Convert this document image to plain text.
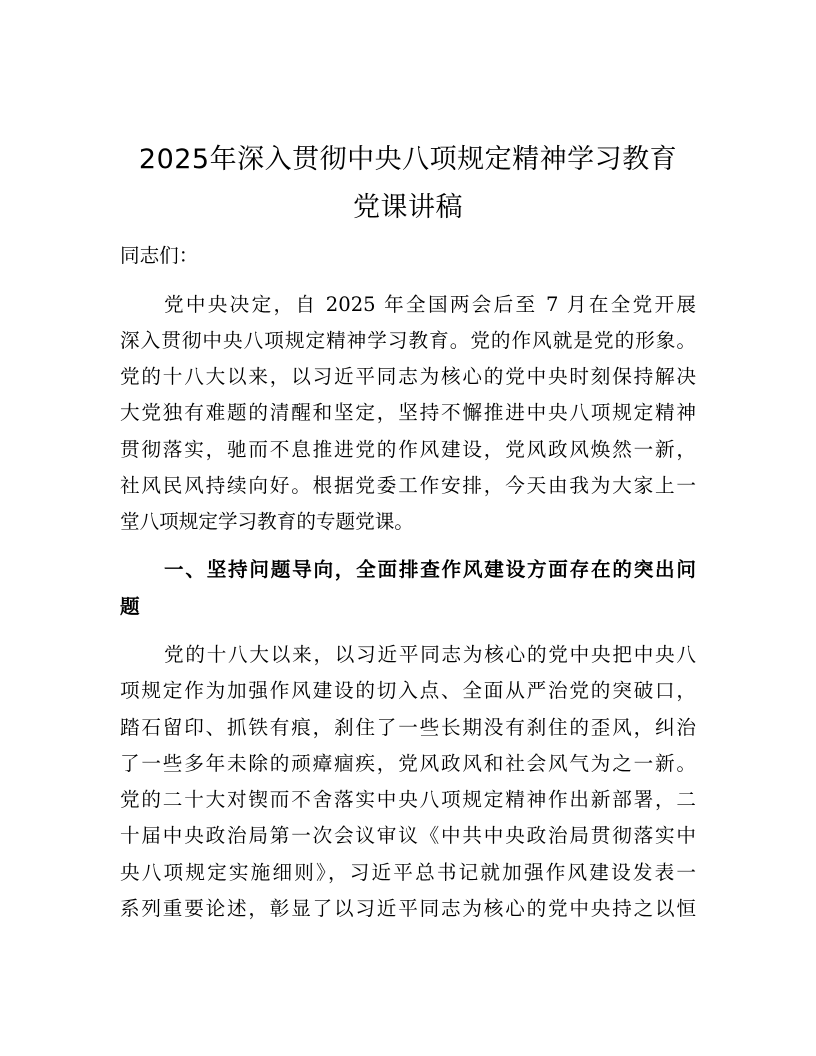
2025年深入贯彻中央八项规定精神学习教育
党课讲稿
同志们：
党中央决定，自 2025 年全国两会后至 7 月在全党开展
深入贯彻中央八项规定精神学习教育。党的作风就是党的形象。
党的十八大以来，以习近平同志为核心的党中央时刻保持解决
大党独有难题的清醒和坚定，坚持不懈推进中央八项规定精神
贯彻落实，驰而不息推进党的作风建设，党风政风焕然一新，
社风民风持续向好。根据党委工作安排，今天由我为大家上一
堂八项规定学习教育的专题党课。
一、坚持问题导向，全面排查作风建设方面存在的突出问
题
党的十八大以来，以习近平同志为核心的党中央把中央八
项规定作为加强作风建设的切入点、全面从严治党的突破口，
踏石留印、抓铁有痕，刹住了一些长期没有刹住的歪风，纠治
了一些多年未除的顽瘴痼疾，党风政风和社会风气为之一新。
党的二十大对锲而不舍落实中央八项规定精神作出新部署，二
十届中央政治局第一次会议审议《中共中央政治局贯彻落实中
央八项规定实施细则》，习近平总书记就加强作风建设发表一
系列重要论述，彰显了以习近平同志为核心的党中央持之以恒
